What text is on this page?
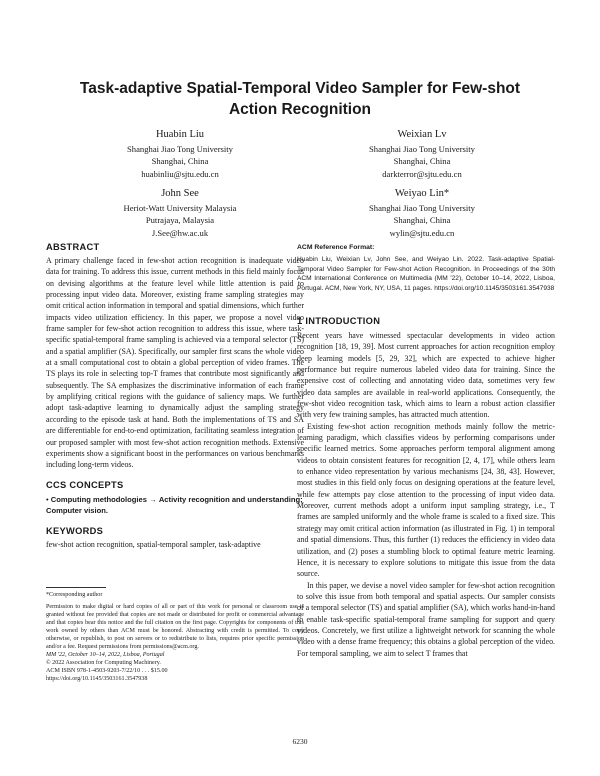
Task-adaptive Spatial-Temporal Video Sampler for Few-shot Action Recognition
Huabin Liu
Shanghai Jiao Tong University
Shanghai, China
huabinliu@sjtu.edu.cn
Weixian Lv
Shanghai Jiao Tong University
Shanghai, China
darkterror@sjtu.edu.cn
John See
Heriot-Watt University Malaysia
Putrajaya, Malaysia
J.See@hw.ac.uk
Weiyao Lin*
Shanghai Jiao Tong University
Shanghai, China
wylin@sjtu.edu.cn
ABSTRACT

A primary challenge faced in few-shot action recognition is inadequate video data for training. To address this issue, current methods in this field mainly focus on devising algorithms at the feature level while little attention is paid to processing input video data. Moreover, existing frame sampling strategies may omit critical action information in temporal and spatial dimensions, which further impacts video utilization efficiency. In this paper, we propose a novel video frame sampler for few-shot action recognition to address this issue, where task-specific spatial-temporal frame sampling is achieved via a temporal selector (TS) and a spatial amplifier (SA). Specifically, our sampler first scans the whole video at a small computational cost to obtain a global perception of video frames. The TS plays its role in selecting top-T frames that contribute most significantly and subsequently. The SA emphasizes the discriminative information of each frame by amplifying critical regions with the guidance of saliency maps. We further adopt task-adaptive learning to dynamically adjust the sampling strategy according to the episode task at hand. Both the implementations of TS and SA are differentiable for end-to-end optimization, facilitating seamless integration of our proposed sampler with most few-shot action recognition methods. Extensive experiments show a significant boost in the performances on various benchmarks including long-term videos.

CCS CONCEPTS
• Computing methodologies → Activity recognition and understanding; Computer vision.
KEYWORDS

few-shot action recognition, spatial-temporal sampler, task-adaptive

*Corresponding author

Permission to make digital or hard copies of all or part of this work for personal or classroom use is granted without fee provided that copies are not made or distributed for profit or commercial advantage and that copies bear this notice and the full citation on the first page. Copyrights for components of this work owned by others than ACM must be honored. Abstracting with credit is permitted. To copy otherwise, or republish, to post on servers or to redistribute to lists, requires prior specific permission and/or a fee. Request permissions from permissions@acm.org.

MM '22, October 10–14, 2022, Lisboa, Portugal
© 2022 Association for Computing Machinery.
ACM ISBN 978-1-4503-9203-7/22/10 . . . $15.00
https://doi.org/10.1145/3503161.3547938
ACM Reference Format:

Huabin Liu, Weixian Lv, John See, and Weiyao Lin. 2022. Task-adaptive Spatial-Temporal Video Sampler for Few-shot Action Recognition. In Proceedings of the 30th ACM International Conference on Multimedia (MM '22), October 10–14, 2022, Lisboa, Portugal. ACM, New York, NY, USA, 11 pages. https://doi.org/10.1145/3503161.3547938

1 INTRODUCTION

Recent years have witnessed spectacular developments in video action recognition [18, 19, 39]. Most current approaches for action recognition employ deep learning models [5, 29, 32], which are expected to achieve higher performance but require numerous labeled video data for training. Since the expensive cost of collecting and annotating video data, sometimes very few video data samples are available in real-world applications. Consequently, the few-shot video recognition task, which aims to learn a robust action classifier with very few training samples, has attracted much attention.

Existing few-shot action recognition methods mainly follow the metric-learning paradigm, which classifies videos by performing comparisons under specific learned metrics. Some approaches perform temporal alignment among videos to obtain consistent features for recognition [2, 4, 17], while others learn to enhance video representation by various mechanisms [24, 38, 43]. However, most studies in this field only focus on designing operations at the feature level, while few attempts pay close attention to the processing of input video data. Moreover, current methods adopt a uniform input sampling strategy, i.e., T frames are sampled uniformly and the whole frame is scaled to a fixed size. This strategy may omit critical action information (as illustrated in Fig. 1) in temporal and spatial dimensions. Thus, this further (1) reduces the efficiency in video data utilization, and (2) poses a stumbling block to optimal feature metric learning. Hence, it is necessary to explore solutions to mitigate this issue from the data source.

In this paper, we devise a novel video sampler for few-shot action recognition to solve this issue from both temporal and spatial aspects. Our sampler consists of a temporal selector (TS) and spatial amplifier (SA), which works hand-in-hand to enable task-specific spatial-temporal frame sampling for support and query videos. Concretely, we first utilize a lightweight network for scanning the whole video with a dense frame frequency; this obtains a global perception of the video. For temporal sampling, we aim to select T frames that

6230
